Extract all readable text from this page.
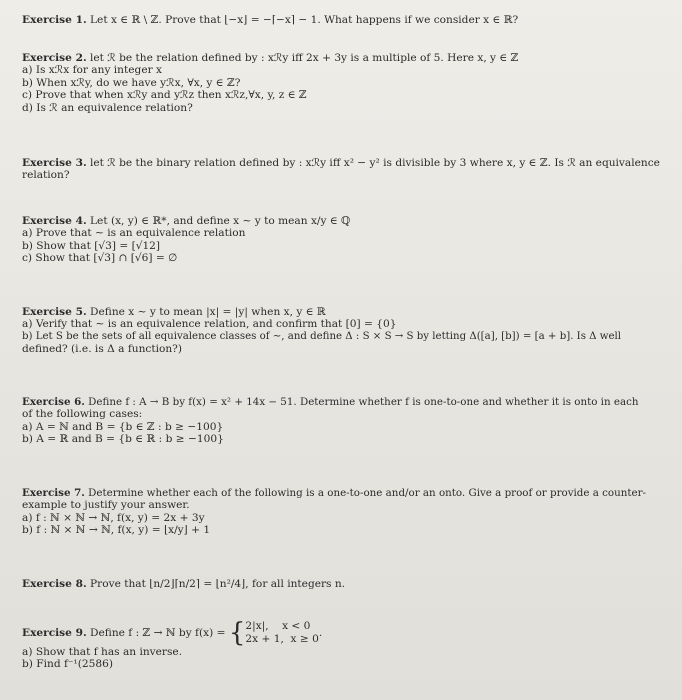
Exercise 1. Let x ∈ ℝ \ ℤ. Prove that ⌊−x⌋ = −⌈−x⌉ − 1. What happens if we consider x ∈ ℝ?
Exercise 2. let ℛ be the relation defined by : xℛy iff 2x + 3y is a multiple of 5. Here x, y ∈ ℤ
a) Is xℛx for any integer x
b) When xℛy, do we have yℛx, ∀x, y ∈ ℤ?
c) Prove that when xℛy and yℛz then xℛz,∀x, y, z ∈ ℤ
d) Is ℛ an equivalence relation?
Exercise 3. let ℛ be the binary relation defined by : xℛy iff x² − y² is divisible by 3 where x, y ∈ ℤ. Is ℛ an equivalence
relation?
Exercise 4. Let (x, y) ∈ ℝ*, and define x ∼ y to mean x/y ∈ ℚ
a) Prove that ∼ is an equivalence relation
b) Show that [√3] = [√12]
c) Show that [√3] ∩ [√6] = ∅
Exercise 5. Define x ∼ y to mean |x| = |y| when x, y ∈ ℝ
a) Verify that ∼ is an equivalence relation, and confirm that [0] = {0}
b) Let S be the sets of all equivalence classes of ∼, and define Δ : S × S → S by letting Δ([a], [b]) = [a + b]. Is Δ well
defined? (i.e. is Δ a function?)
Exercise 6. Define f : A → B by f(x) = x² + 14x − 51. Determine whether f is one-to-one and whether it is onto in each
of the following cases:
a) A = ℕ and B = {b ∈ ℤ : b ≥ −100}
b) A = ℝ and B = {b ∈ ℝ : b ≥ −100}
Exercise 7. Determine whether each of the following is a one-to-one and/or an onto. Give a proof or provide a counter-
example to justify your answer.
a) f : ℕ × ℕ → ℕ, f(x, y) = 2x + 3y
b) f : ℕ × ℕ → ℕ, f(x, y) = ⌊x/y⌋ + 1
Exercise 8. Prove that ⌊n/2⌋⌈n/2⌉ = ⌊n²/4⌋, for all integers n.
Exercise 9. Define f : ℤ → ℕ by f(x) = { 2|x|,    x < 0
2x + 1,  x ≥ 0 .
a) Show that f has an inverse.
b) Find f⁻¹(2586)
